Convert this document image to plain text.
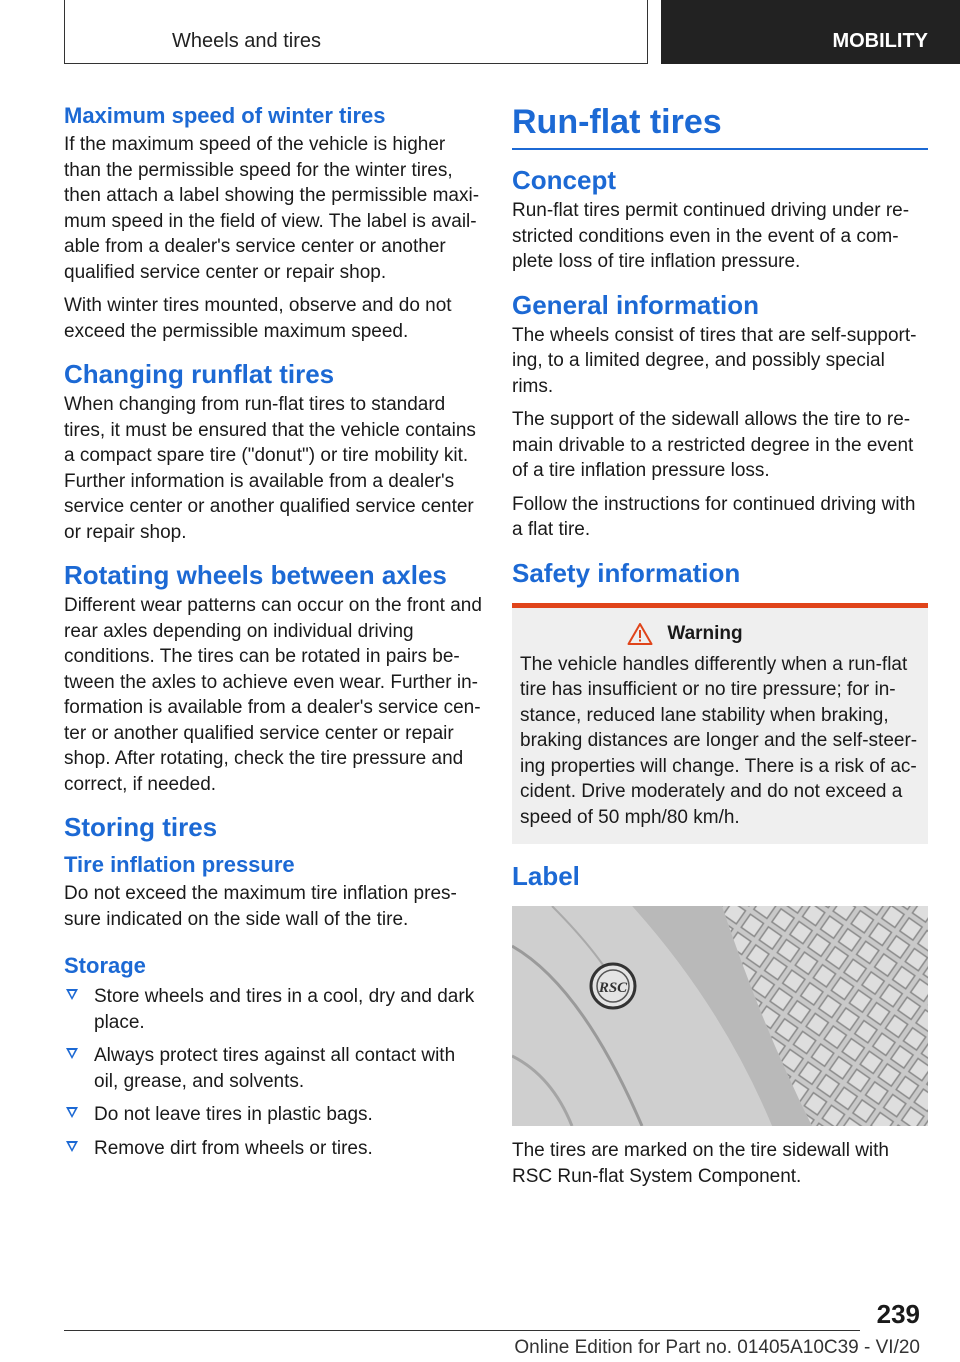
Wheels and tires	MOBILITY
Maximum speed of winter tires

If the maximum speed of the vehicle is higher than the permissible speed for the winter tires, then attach a label showing the permissible maxi‐mum speed in the field of view. The label is avail‐able from a dealer's service center or another qualified service center or repair shop.

With winter tires mounted, observe and do not exceed the permissible maximum speed.

Changing runflat tires

When changing from run-flat tires to standard tires, it must be ensured that the vehicle contains a compact spare tire ("donut") or tire mobility kit. Further information is available from a dealer's service center or another qualified service center or repair shop.

Rotating wheels between axles

Different wear patterns can occur on the front and rear axles depending on individual driving conditions. The tires can be rotated in pairs be‐tween the axles to achieve even wear. Further in‐formation is available from a dealer's service cen‐ter or another qualified service center or repair shop. After rotating, check the tire pressure and correct, if needed.

Storing tires
Tire inflation pressure

Do not exceed the maximum tire inflation pres‐sure indicated on the side wall of the tire.

Storage
Store wheels and tires in a cool, dry and dark place.
Always protect tires against all contact with oil, grease, and solvents.
Do not leave tires in plastic bags.
Remove dirt from wheels or tires.
Run-flat tires
Concept

Run-flat tires permit continued driving under re‐stricted conditions even in the event of a com‐plete loss of tire inflation pressure.

General information

The wheels consist of tires that are self-support‐ing, to a limited degree, and possibly special rims.

The support of the sidewall allows the tire to re‐main drivable to a restricted degree in the event of a tire inflation pressure loss.

Follow the instructions for continued driving with a flat tire.

Safety information
Warning

The vehicle handles differently when a run-flat tire has insufficient or no tire pressure; for in‐stance, reduced lane stability when braking, braking distances are longer and the self-steer‐ing properties will change. There is a risk of ac‐cident. Drive moderately and do not exceed a speed of 50 mph/80 km/h.

Label
RSC

The tires are marked on the tire sidewall with RSC Run-flat System Component.

239
Online Edition for Part no. 01405A10C39 - VI/20
